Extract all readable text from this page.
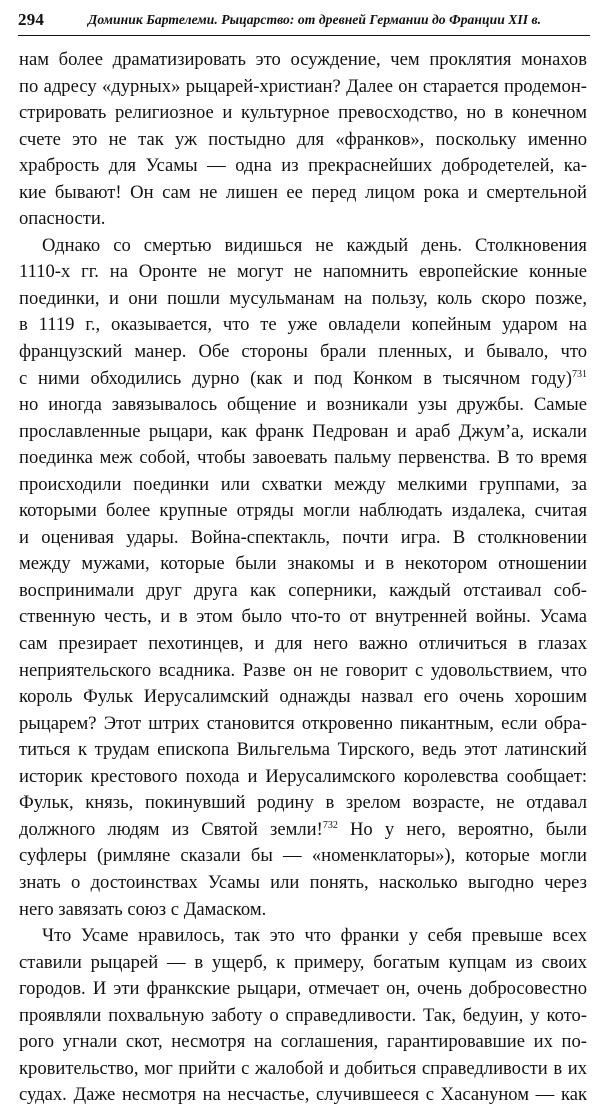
294	Доминик Бартелеми. Рыцарство: от древней Германии до Франции XII в.
нам более драматизировать это осуждение, чем проклятия монахов
по адресу «дурных» рыцарей-христиан? Далее он старается продемон-
стрировать религиозное и культурное превосходство, но в конечном
счете это не так уж постыдно для «франков», поскольку именно
храбрость для Усамы — одна из прекраснейших добродетелей, ка-
кие бывают! Он сам не лишен ее перед лицом рока и смертельной
опасности.
Однако со смертью видишься не каждый день. Столкновения
1110-х гг. на Оронте не могут не напомнить европейские конные
поединки, и они пошли мусульманам на пользу, коль скоро позже,
в 1119 г., оказывается, что те уже овладели копейным ударом на
французский манер. Обе стороны брали пленных, и бывало, что
с ними обходились дурно (как и под Конком в тысячном году)$^{731}$
но иногда завязывалось общение и возникали узы дружбы. Самые
прославленные рыцари, как франк Педрован и араб Джум’а, искали
поединка меж собой, чтобы завоевать пальму первенства. В то время
происходили поединки или схватки между мелкими группами, за
которыми более крупные отряды могли наблюдать издалека, считая
и оценивая удары. Война-спектакль, почти игра. В столкновении
между мужами, которые были знакомы и в некотором отношении
воспринимали друг друга как соперники, каждый отстаивал соб-
ственную честь, и в этом было что-то от внутренней войны. Усама
сам презирает пехотинцев, и для него важно отличиться в глазах
неприятельского всадника. Разве он не говорит с удовольствием, что
король Фульк Иерусалимский однажды назвал его очень хорошим
рыцарем? Этот штрих становится откровенно пикантным, если обра-
титься к трудам епископа Вильгельма Тирского, ведь этот латинский
историк крестового похода и Иерусалимского королевства сообщает:
Фульк, князь, покинувший родину в зрелом возрасте, не отдавал
должного людям из Святой земли!$^{732}$ Но у него, вероятно, были
суфлеры (римляне сказали бы — «номенклаторы»), которые могли
знать о достоинствах Усамы или понять, насколько выгодно через
него завязать союз с Дамаском.
Что Усаме нравилось, так это что франки у себя превыше всех
ставили рыцарей — в ущерб, к примеру, богатым купцам из своих
городов. И эти франкские рыцари, отмечает он, очень добросовестно
проявляли похвальную заботу о справедливости. Так, бедуин, у кото-
рого угнали скот, несмотря на соглашения, гарантировавшие их по-
кровительство, мог прийти с жалобой и добиться справедливости в их
судах. Даже несмотря на несчастье, случившееся с Хасануном — как
